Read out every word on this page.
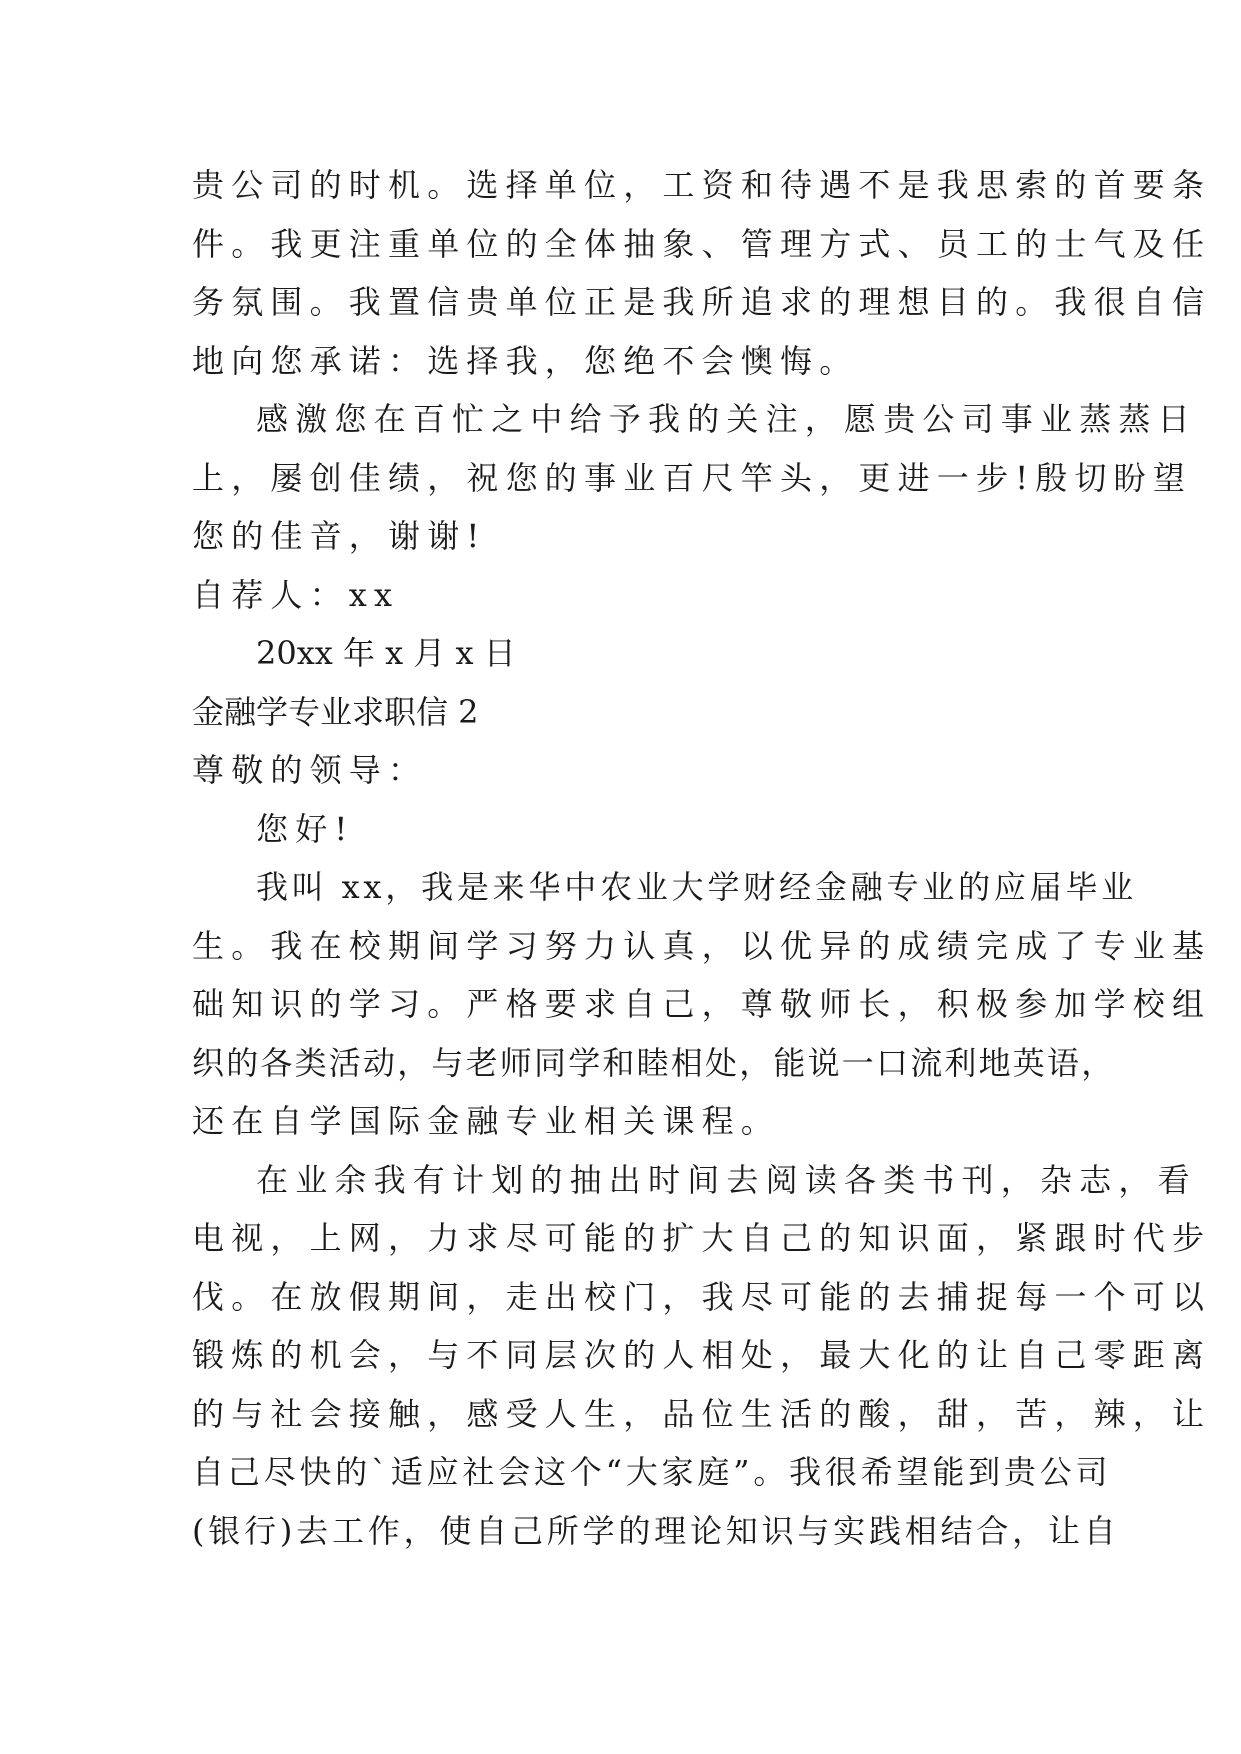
贵公司的时机。选择单位，工资和待遇不是我思索的首要条
件。我更注重单位的全体抽象、管理方式、员工的士气及任
务氛围。我置信贵单位正是我所追求的理想目的。我很自信
地向您承诺：选择我，您绝不会懊悔。
感激您在百忙之中给予我的关注，愿贵公司事业蒸蒸日
上，屡创佳绩，祝您的事业百尺竿头，更进一步!殷切盼望
您的佳音，谢谢!
自荐人：xx
20xx 年 x 月 x 日
金融学专业求职信 2
尊敬的领导：
您好!
我叫 xx，我是来华中农业大学财经金融专业的应届毕业
生。我在校期间学习努力认真，以优异的成绩完成了专业基
础知识的学习。严格要求自己，尊敬师长，积极参加学校组
织的各类活动，与老师同学和睦相处，能说一口流利地英语，
还在自学国际金融专业相关课程。
在业余我有计划的抽出时间去阅读各类书刊，杂志，看
电视，上网，力求尽可能的扩大自己的知识面，紧跟时代步
伐。在放假期间，走出校门，我尽可能的去捕捉每一个可以
锻炼的机会，与不同层次的人相处，最大化的让自己零距离
的与社会接触，感受人生，品位生活的酸，甜，苦，辣，让
自己尽快的`适应社会这个“大家庭”。我很希望能到贵公司
(银行)去工作，使自己所学的理论知识与实践相结合，让自
